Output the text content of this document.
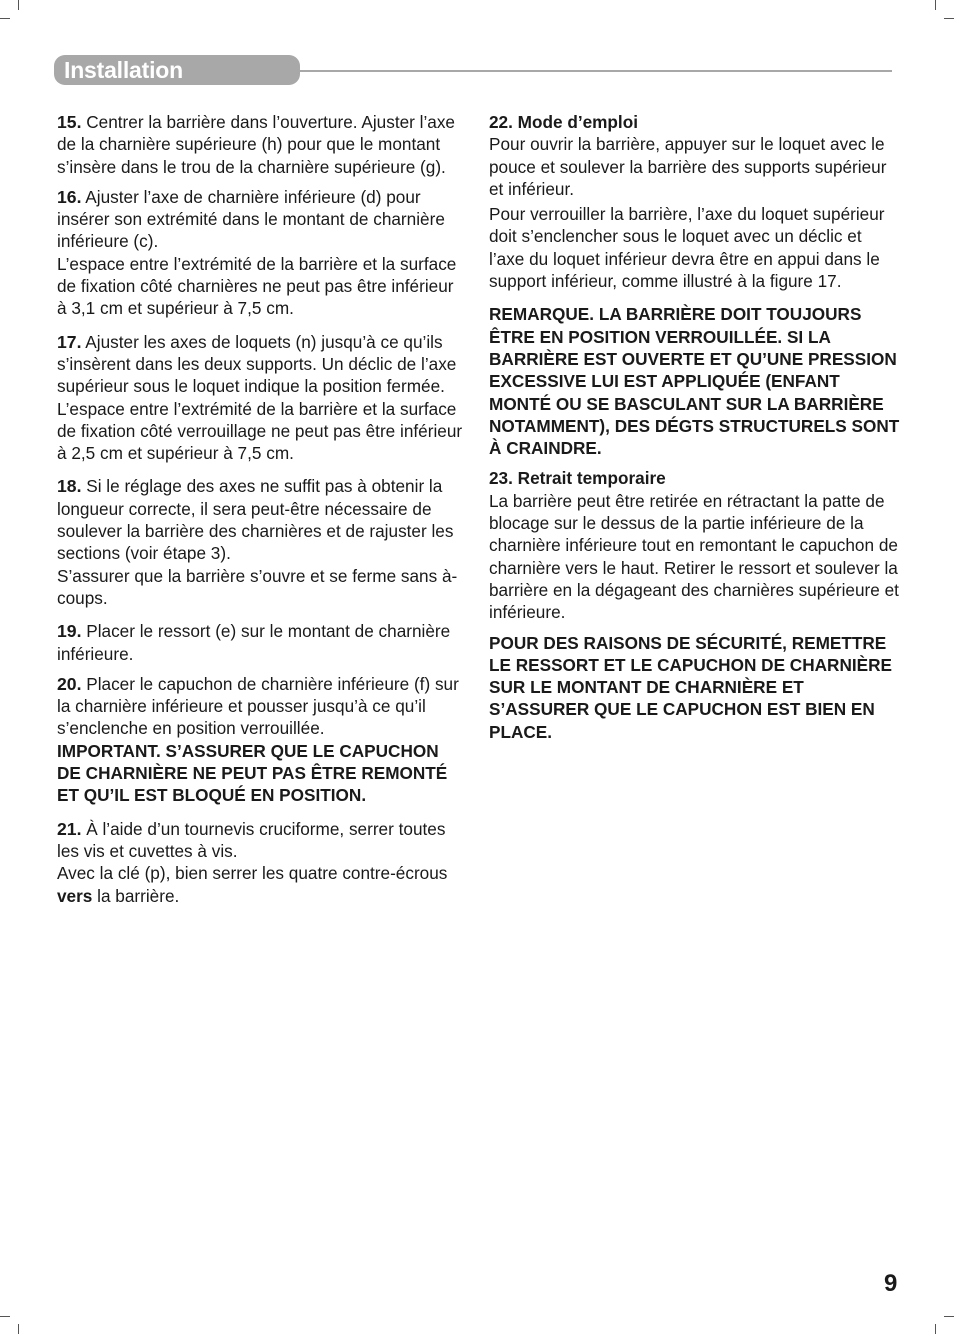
Installation

15. Centrer la barrière dans l’ouverture. Ajuster l’axe de la charnière supérieure (h) pour que le montant s’insère dans le trou de la charnière supérieure (g).

16. Ajuster l’axe de charnière inférieure (d) pour insérer son extrémité dans le montant de charnière inférieure (c).

L’espace entre l’extrémité de la barrière et la surface de fixation côté charnières ne peut pas être inférieur à 3,1 cm et supérieur à 7,5 cm.

17. Ajuster les axes de loquets (n) jusqu’à ce qu’ils s’insèrent dans les deux supports. Un déclic de l’axe supérieur sous le loquet indique la position fermée.

L’espace entre l’extrémité de la barrière et la surface de fixation côté verrouillage ne peut pas être inférieur à 2,5 cm et supérieur à 7,5 cm.

18. Si le réglage des axes ne suffit pas à obtenir la longueur correcte, il sera peut-être nécessaire de soulever la barrière des charnières et de rajuster les sections (voir étape 3).

S’assurer que la barrière s’ouvre et se ferme sans à-coups.

19. Placer le ressort (e) sur le montant de charnière inférieure.

20. Placer le capuchon de charnière inférieure (f) sur la charnière inférieure et pousser jusqu’à ce qu’il s’enclenche en position verrouillée.

IMPORTANT. S’ASSURER QUE LE CAPUCHON DE CHARNIÈRE NE PEUT PAS ÊTRE REMONTÉ ET QU’IL EST BLOQUÉ EN POSITION.

21. À l’aide d’un tournevis cruciforme, serrer toutes les vis et cuvettes à vis.

Avec la clé (p), bien serrer les quatre contre-écrous vers la barrière.

22. Mode d’emploi

Pour ouvrir la barrière, appuyer sur le loquet avec le pouce et soulever la barrière des supports supérieur et inférieur.

Pour verrouiller la barrière, l’axe du loquet supérieur doit s’enclencher sous le loquet avec un déclic et l’axe du loquet inférieur devra être en appui dans le support inférieur, comme illustré à la figure 17.

REMARQUE. LA BARRIÈRE DOIT TOUJOURS ÊTRE EN POSITION VERROUILLÉE. SI LA BARRIÈRE EST OUVERTE ET QU’UNE PRESSION EXCESSIVE LUI EST APPLIQUÉE (ENFANT MONTÉ OU SE BASCULANT SUR LA BARRIÈRE NOTAMMENT), DES DÉGTS STRUCTURELS SONT À CRAINDRE.

23. Retrait temporaire

La barrière peut être retirée en rétractant la patte de blocage sur le dessus de la partie inférieure de la charnière inférieure tout en remontant le capuchon de charnière vers le haut. Retirer le ressort et soulever la barrière en la dégageant des charnières supérieure et inférieure.

POUR DES RAISONS DE SÉCURITÉ, REMETTRE LE RESSORT ET LE CAPUCHON DE CHARNIÈRE SUR LE MONTANT DE CHARNIÈRE ET S’ASSURER QUE LE CAPUCHON EST BIEN EN PLACE.

9
